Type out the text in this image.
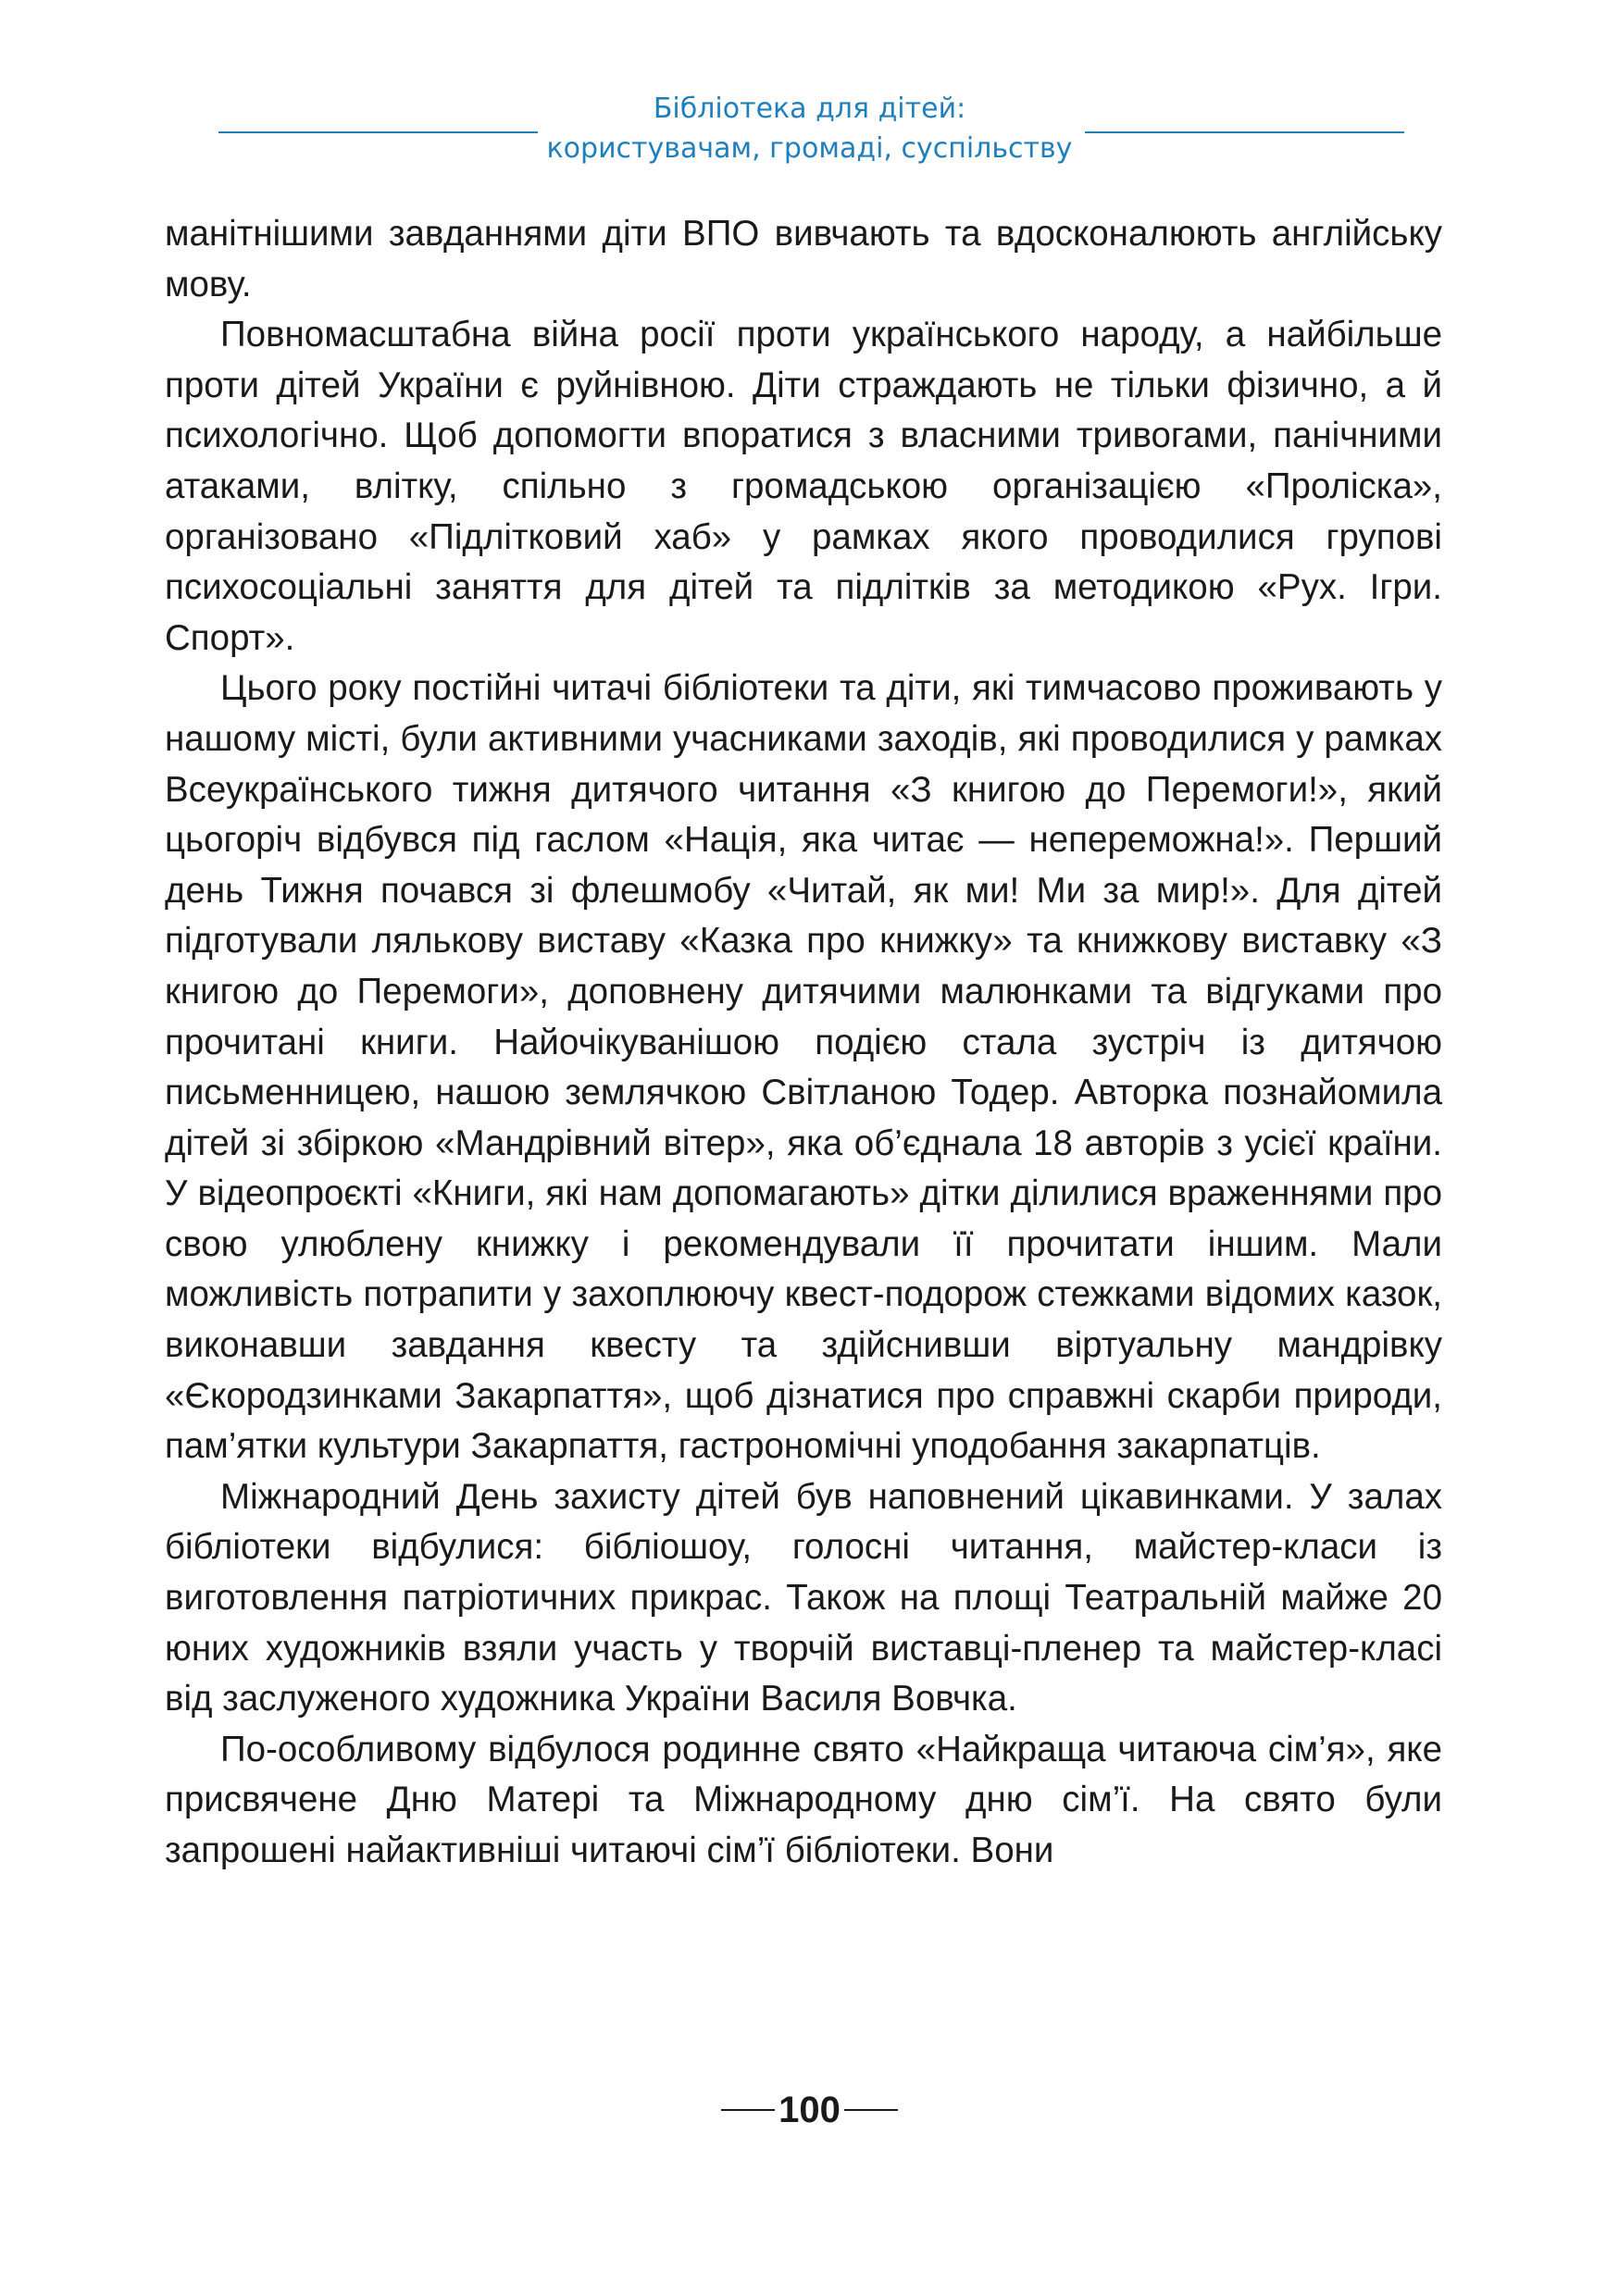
Бібліотека для дітей:

користувачам, громаді, суспільству

манітнішими завданнями діти ВПО вивчають та вдосконалюють англійську мову.

Повномасштабна війна росії проти українського народу, а найбільше проти дітей України є руйнівною. Діти страждають не тільки фізично, а й психологічно. Щоб допомогти впоратися з власними тривогами, панічними атаками, влітку, спільно з громадською організацією «Проліска», організовано «Підлітковий хаб» у рамках якого проводилися групові психосоціальні заняття для дітей та підлітків за методикою «Рух. Ігри. Спорт».

Цього року постійні читачі бібліотеки та діти, які тимчасово проживають у нашому місті, були активними учасниками заходів, які проводилися у рамках Всеукраїнського тижня дитячого читання «З книгою до Перемоги!», який цьогоріч відбувся під гаслом «Нація, яка читає — непереможна!». Перший день Тижня почався зі флешмобу «Читай, як ми! Ми за мир!». Для дітей підготували лялькову виставу «Казка про книжку» та книжкову виставку «З книгою до Перемоги», доповнену дитячими малюнками та відгуками про прочитані книги. Найочікуванішою подією стала зустріч із дитячою письменницею, нашою землячкою Світланою Тодер. Авторка познайомила дітей зі збіркою «Мандрівний вітер», яка об’єднала 18 авторів з усієї країни. У відеопроєкті «Книги, які нам допомагають» дітки ділилися враженнями про свою улюблену книжку і рекомендували її прочитати іншим. Мали можливість потрапити у захоплюючу квест-подорож стежками відомих казок, виконавши завдання квесту та здійснивши віртуальну мандрівку «Єкородзинками Закарпаття», щоб дізнатися про справжні скарби природи, пам’ятки культури Закарпаття, гастрономічні уподобання закарпатців.

Міжнародний День захисту дітей був наповнений цікавинками. У залах бібліотеки відбулися: бібліошоу, голосні читання, майстер-класи із виготовлення патріотичних прикрас. Також на площі Театральній майже 20 юних художників взяли участь у творчій виставці-пленер та майстер-класі від заслуженого художника України Василя Вовчка.

По-особливому відбулося родинне свято «Найкраща читаюча сім’я», яке присвячене Дню Матері та Міжнародному дню сім’ї. На свято були запрошені найактивніші читаючі сім’ї бібліотеки. Вони

100
